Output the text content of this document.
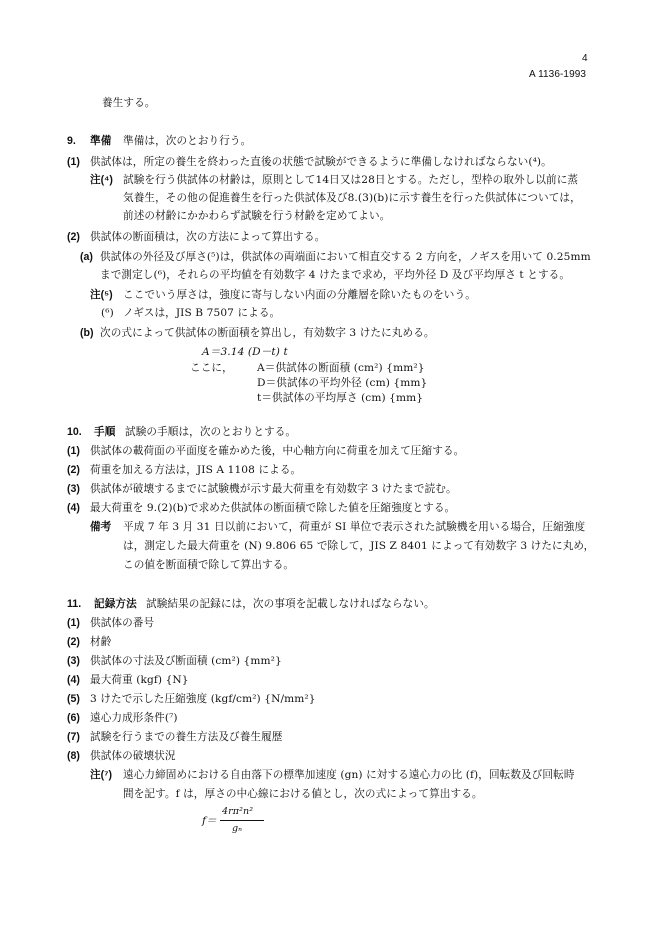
4
A 1136-1993
養生する。
9. 準備 準備は，次のとおり行う。
(1) 供試体は，所定の養生を終わった直後の状態で試験ができるように準備しなければならない(⁴)。
注(⁴) 試験を行う供試体の材齢は，原則として14日又は28日とする。ただし，型枠の取外し以前に蒸
気養生，その他の促進養生を行った供試体及び8.(3)(b)に示す養生を行った供試体については，
前述の材齢にかかわらず試験を行う材齢を定めてよい。
(2) 供試体の断面積は，次の方法によって算出する。
(a) 供試体の外径及び厚さ(⁵)は，供試体の両端面において相直交する 2 方向を，ノギスを用いて 0.25mm
まで測定し(⁶)，それらの平均値を有効数字 4 けたまで求め，平均外径 D 及び平均厚さ t とする。
注(⁵) ここでいう厚さは，強度に寄与しない内面の分離層を除いたものをいう。
(⁶) ノギスは，JIS B 7507 による。
(b) 次の式によって供試体の断面積を算出し，有効数字 3 けたに丸める。
A＝3.14 (D－t) t
ここに， A＝供試体の断面積 (cm²) {mm²}
D＝供試体の平均外径 (cm) {mm}
t＝供試体の平均厚さ (cm) {mm}
10. 手順 試験の手順は，次のとおりとする。
(1) 供試体の載荷面の平面度を確かめた後，中心軸方向に荷重を加えて圧縮する。
(2) 荷重を加える方法は，JIS A 1108 による。
(3) 供試体が破壊するまでに試験機が示す最大荷重を有効数字 3 けたまで読む。
(4) 最大荷重を 9.(2)(b)で求めた供試体の断面積で除した値を圧縮強度とする。
備考 平成 7 年 3 月 31 日以前において，荷重が SI 単位で表示された試験機を用いる場合，圧縮強度
は，測定した最大荷重を (N) 9.806 65 で除して，JIS Z 8401 によって有効数字 3 けたに丸め，
この値を断面積で除して算出する。
11. 記録方法 試験結果の記録には，次の事項を記載しなければならない。
(1) 供試体の番号
(2) 材齢
(3) 供試体の寸法及び断面積 (cm²) {mm²}
(4) 最大荷重 (kgf) {N}
(5) 3 けたで示した圧縮強度 (kgf/cm²) {N/mm²}
(6) 遠心力成形条件(⁷)
(7) 試験を行うまでの養生方法及び養生履歴
(8) 供試体の破壊状況
注(⁷) 遠心力締固めにおける自由落下の標準加速度 (gn) に対する遠心力の比 (f)，回転数及び回転時
間を記す。f は，厚さの中心線における値とし，次の式によって算出する。
f＝
4rπ²n²
gₙ
